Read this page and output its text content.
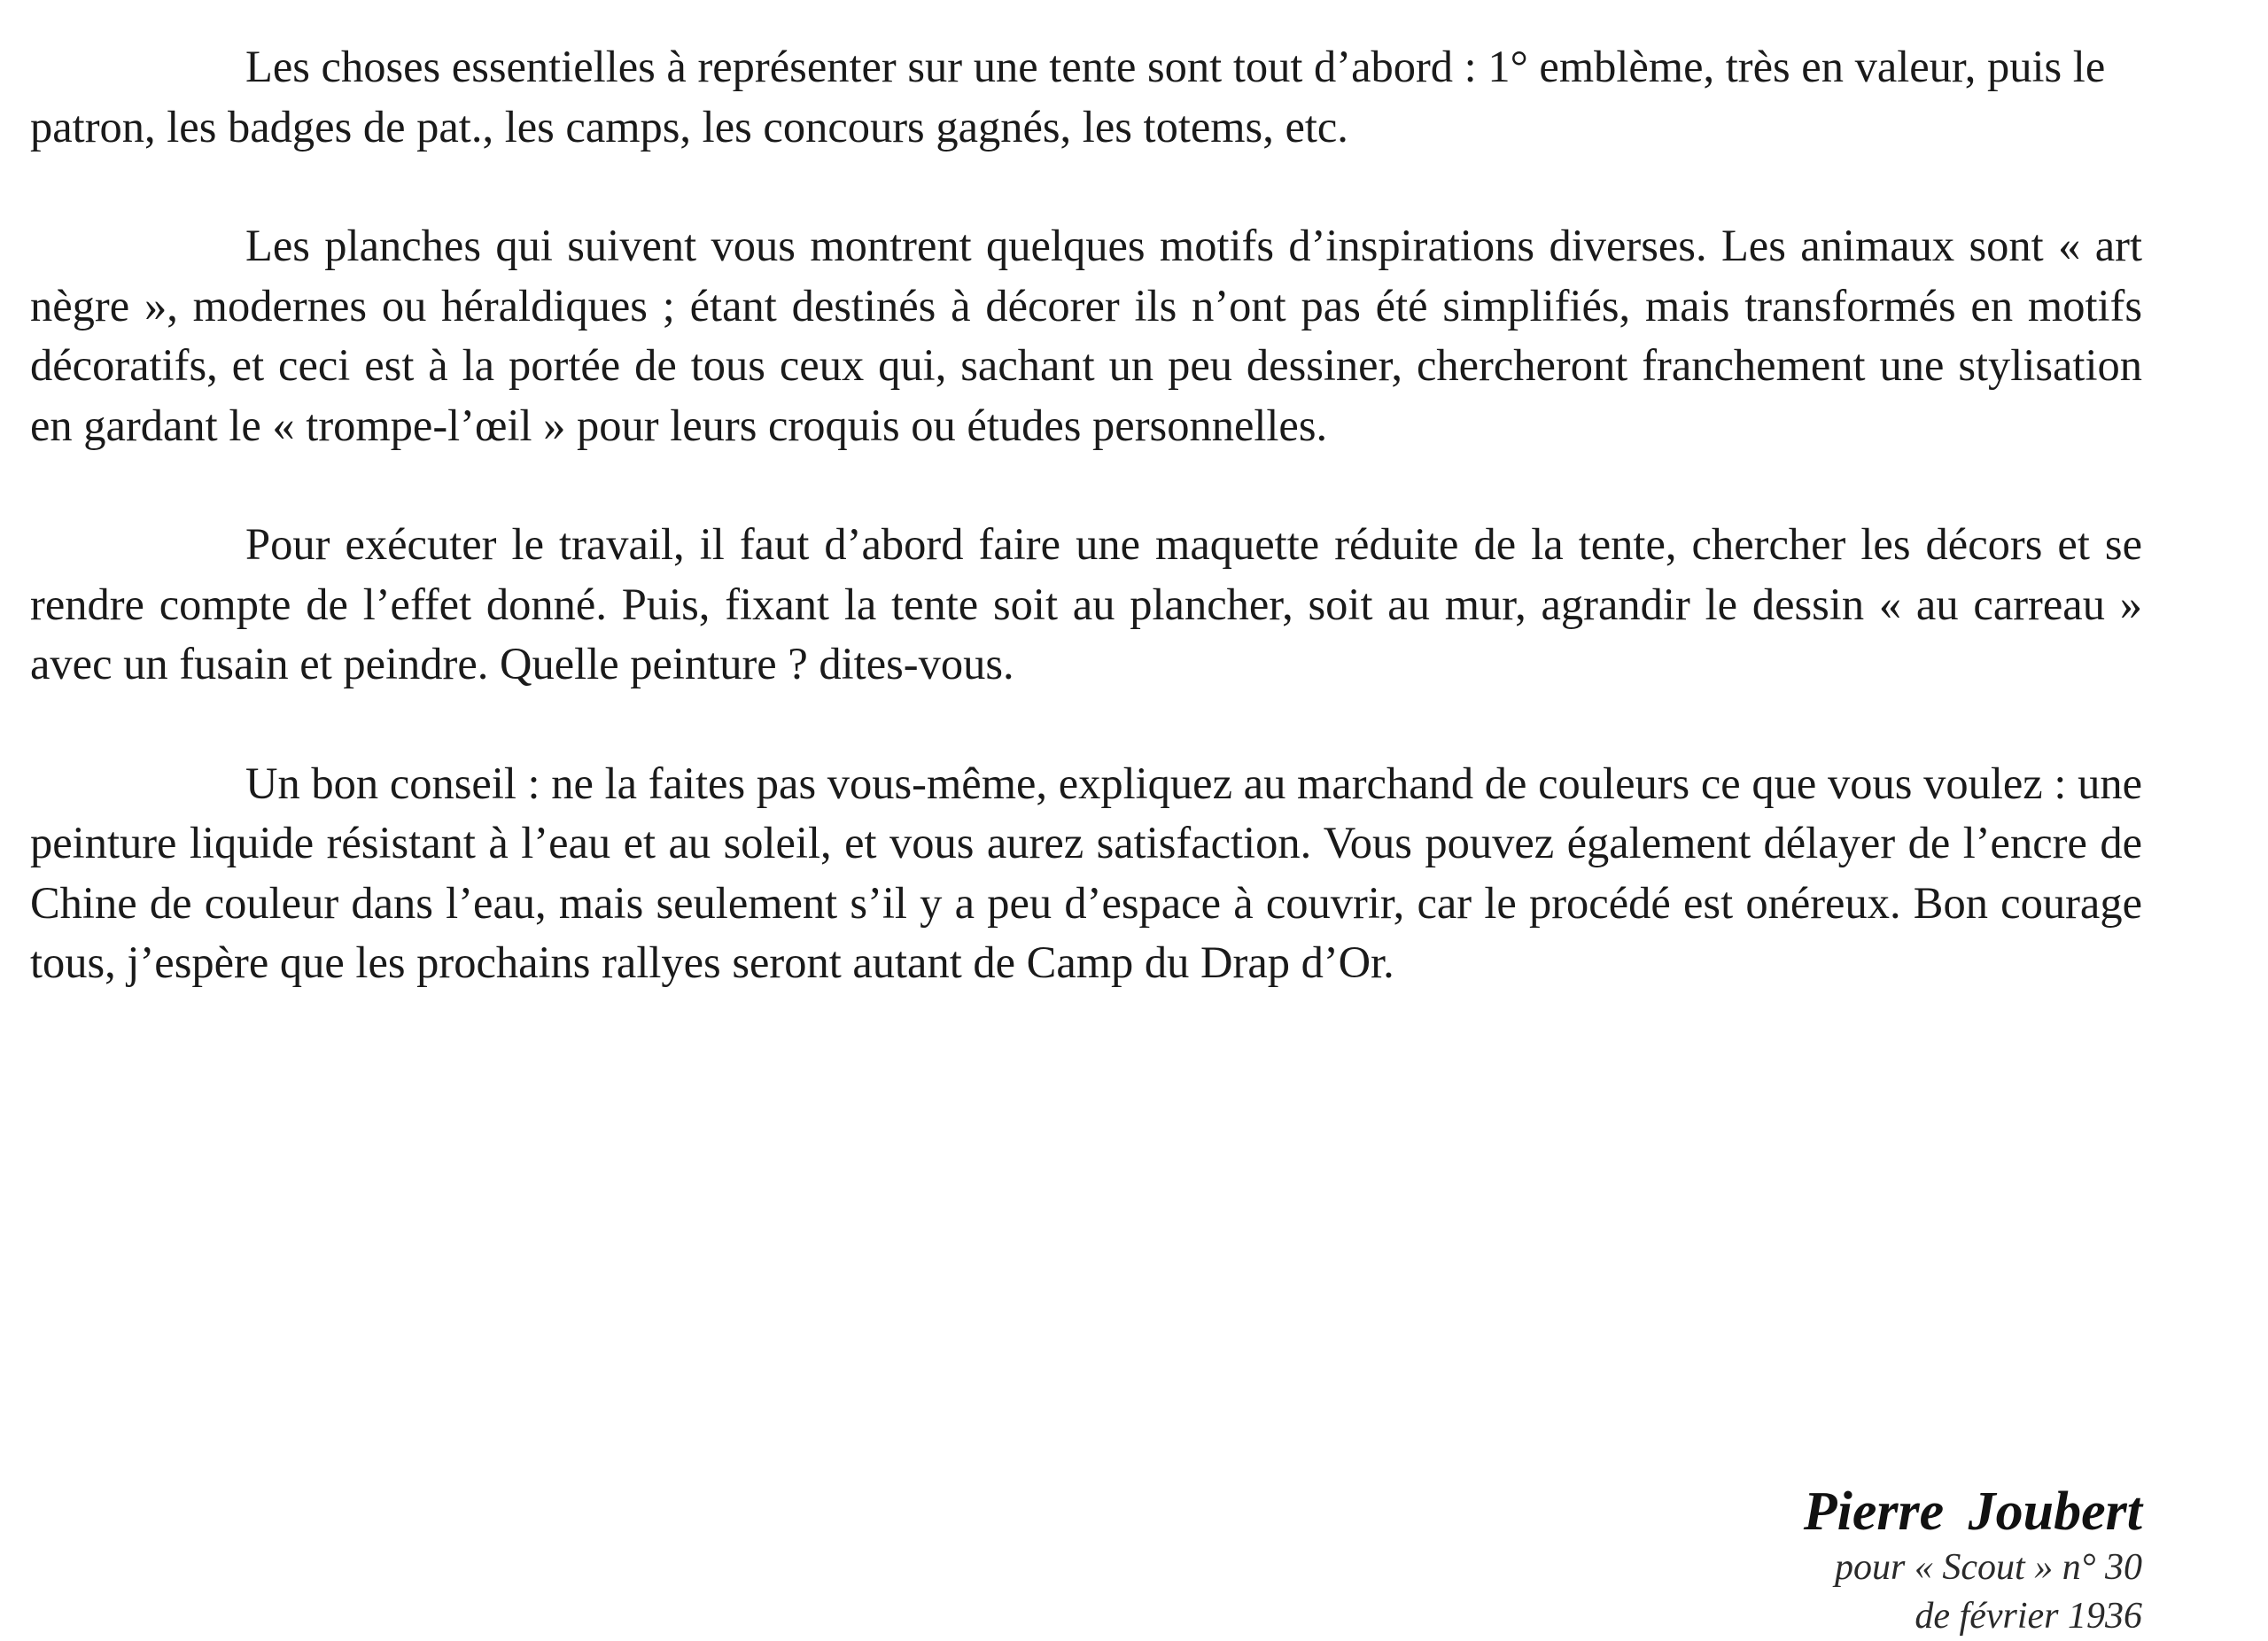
Les choses essentielles à représenter sur une tente sont tout d’abord : 1° emblème, très en valeur, puis le patron, les badges de pat., les camps, les concours gagnés, les totems, etc.

Les planches qui suivent vous montrent quelques motifs d’inspirations diverses. Les animaux sont « art nègre », modernes ou héraldiques ; étant destinés à décorer ils n’ont pas été simplifiés, mais transformés en motifs décoratifs, et ceci est à la portée de tous ceux qui, sachant un peu dessiner, chercheront franchement une stylisation en gardant le « trompe-l’œil » pour leurs croquis ou études personnelles.

Pour exécuter le travail, il faut d’abord faire une maquette réduite de la tente, chercher les décors et se rendre compte de l’effet donné. Puis, fixant la tente soit au plancher, soit au mur, agrandir le dessin « au carreau » avec un fusain et peindre. Quelle peinture ? dites-vous.

Un bon conseil : ne la faites pas vous-même, expliquez au marchand de couleurs ce que vous voulez : une peinture liquide résistant à l’eau et au soleil, et vous aurez satisfaction. Vous pouvez également délayer de l’encre de Chine de couleur dans l’eau, mais seulement s’il y a peu d’espace à couvrir, car le procédé est onéreux. Bon courage tous, j’espère que les prochains rallyes seront autant de Camp du Drap d’Or.

Pierre Joubert
pour « Scout » n° 30
de février 1936
